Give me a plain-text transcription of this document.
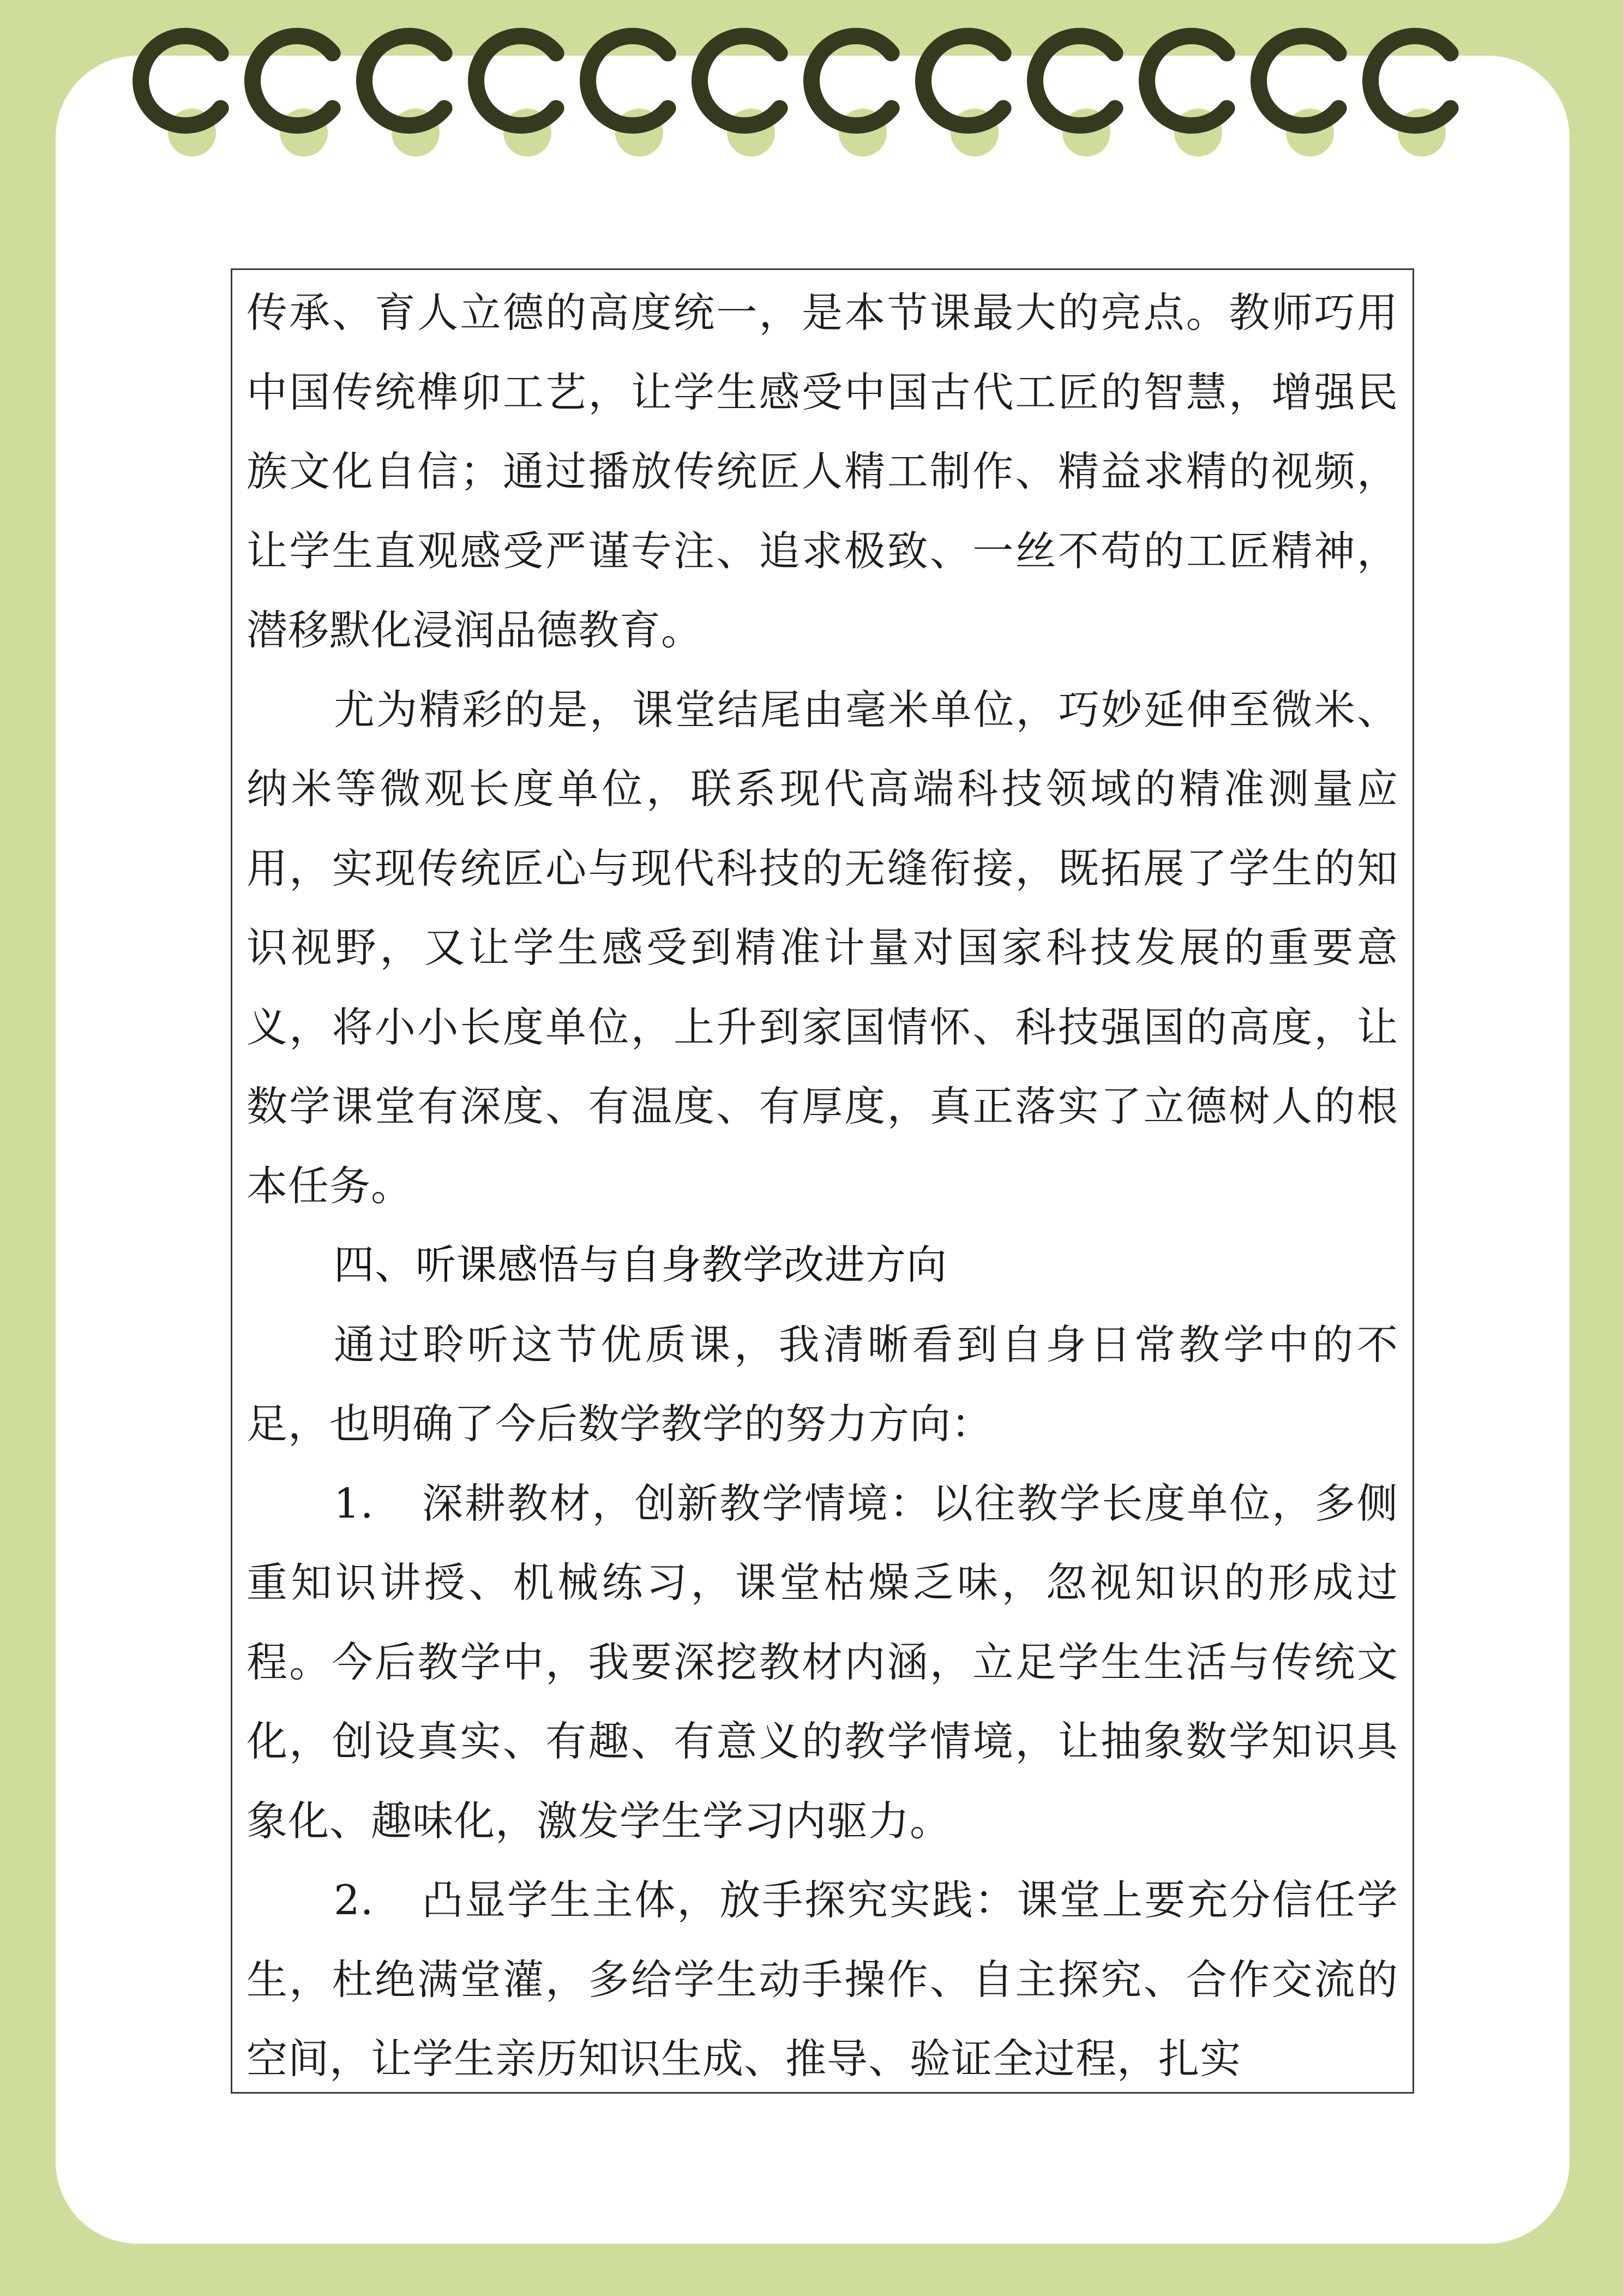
传承、育人立德的高度统一，是本节课最大的亮点。教师巧用中国传统榫卯工艺，让学生感受中国古代工匠的智慧，增强民族文化自信；通过播放传统匠人精工制作、精益求精的视频，让学生直观感受严谨专注、追求极致、一丝不苟的工匠精神，潜移默化浸润品德教育。

尤为精彩的是，课堂结尾由毫米单位，巧妙延伸至微米、纳米等微观长度单位，联系现代高端科技领域的精准测量应用，实现传统匠心与现代科技的无缝衔接，既拓展了学生的知识视野，又让学生感受到精准计量对国家科技发展的重要意义，将小小长度单位，上升到家国情怀、科技强国的高度，让数学课堂有深度、有温度、有厚度，真正落实了立德树人的根本任务。

四、听课感悟与自身教学改进方向

通过聆听这节优质课，我清晰看到自身日常教学中的不足，也明确了今后数学教学的努力方向：

1. 深耕教材，创新教学情境：以往教学长度单位，多侧重知识讲授、机械练习，课堂枯燥乏味，忽视知识的形成过程。今后教学中，我要深挖教材内涵，立足学生生活与传统文化，创设真实、有趣、有意义的教学情境，让抽象数学知识具象化、趣味化，激发学生学习内驱力。

2. 凸显学生主体，放手探究实践：课堂上要充分信任学生，杜绝满堂灌，多给学生动手操作、自主探究、合作交流的空间，让学生亲历知识生成、推导、验证全过程，扎实
